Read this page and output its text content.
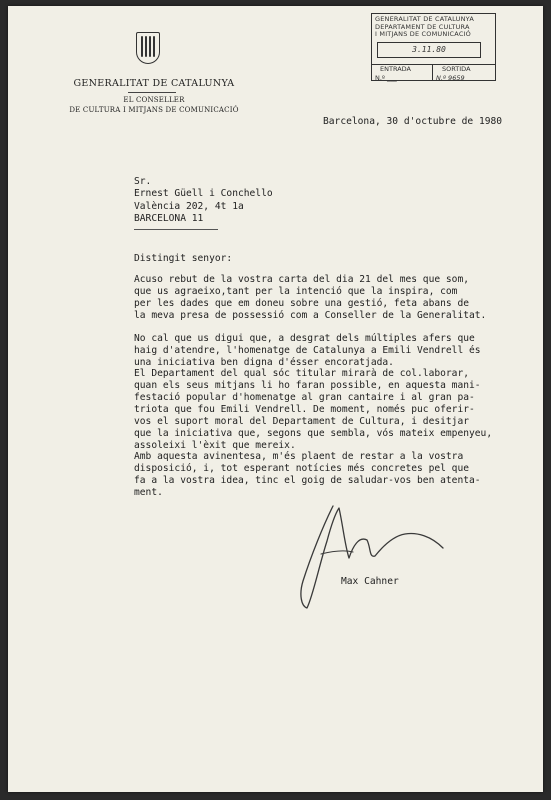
GENERALITAT DE CATALUNYA
EL CONSELLER
DE CULTURA I MITJANS DE COMUNICACIÓ
GENERALITAT DE CATALUNYA
DEPARTAMENT DE CULTURA
I MITJANS DE COMUNICACIÓ
3.11.80
ENTRADA	SORTIDA
N.º ___	N.º 9659
Barcelona, 30 d'octubre de 1980
Sr.
Ernest Güell i Conchello
València 202, 4t 1a
BARCELONA 11
Distingit senyor:
Acuso rebut de la vostra carta del dia 21 del mes que som,
que us agraeixo,tant per la intenció que la inspira, com
per les dades que em doneu sobre una gestió, feta abans de
la meva presa de possessió com a Conseller de la Generalitat.
No cal que us digui que, a desgrat dels múltiples afers que
haig d'atendre, l'homenatge de Catalunya a Emili Vendrell és
una iniciativa ben digna d'ésser encoratjada.
El Departament del qual sóc titular mirarà de col.laborar,
quan els seus mitjans li ho faran possible, en aquesta mani-
festació popular d'homenatge al gran cantaire i al gran pa-
triota que fou Emili Vendrell. De moment, només puc oferir-
vos el suport moral del Departament de Cultura, i desitjar
que la iniciativa que, segons que sembla, vós mateix empenyeu,
assoleixi l'èxit que mereix.
Amb aquesta avinentesa, m'és plaent de restar a la vostra
disposició, i, tot esperant notícies més concretes pel que
fa a la vostra idea, tinc el goig de saludar-vos ben atenta-
ment.
Max Cahner
